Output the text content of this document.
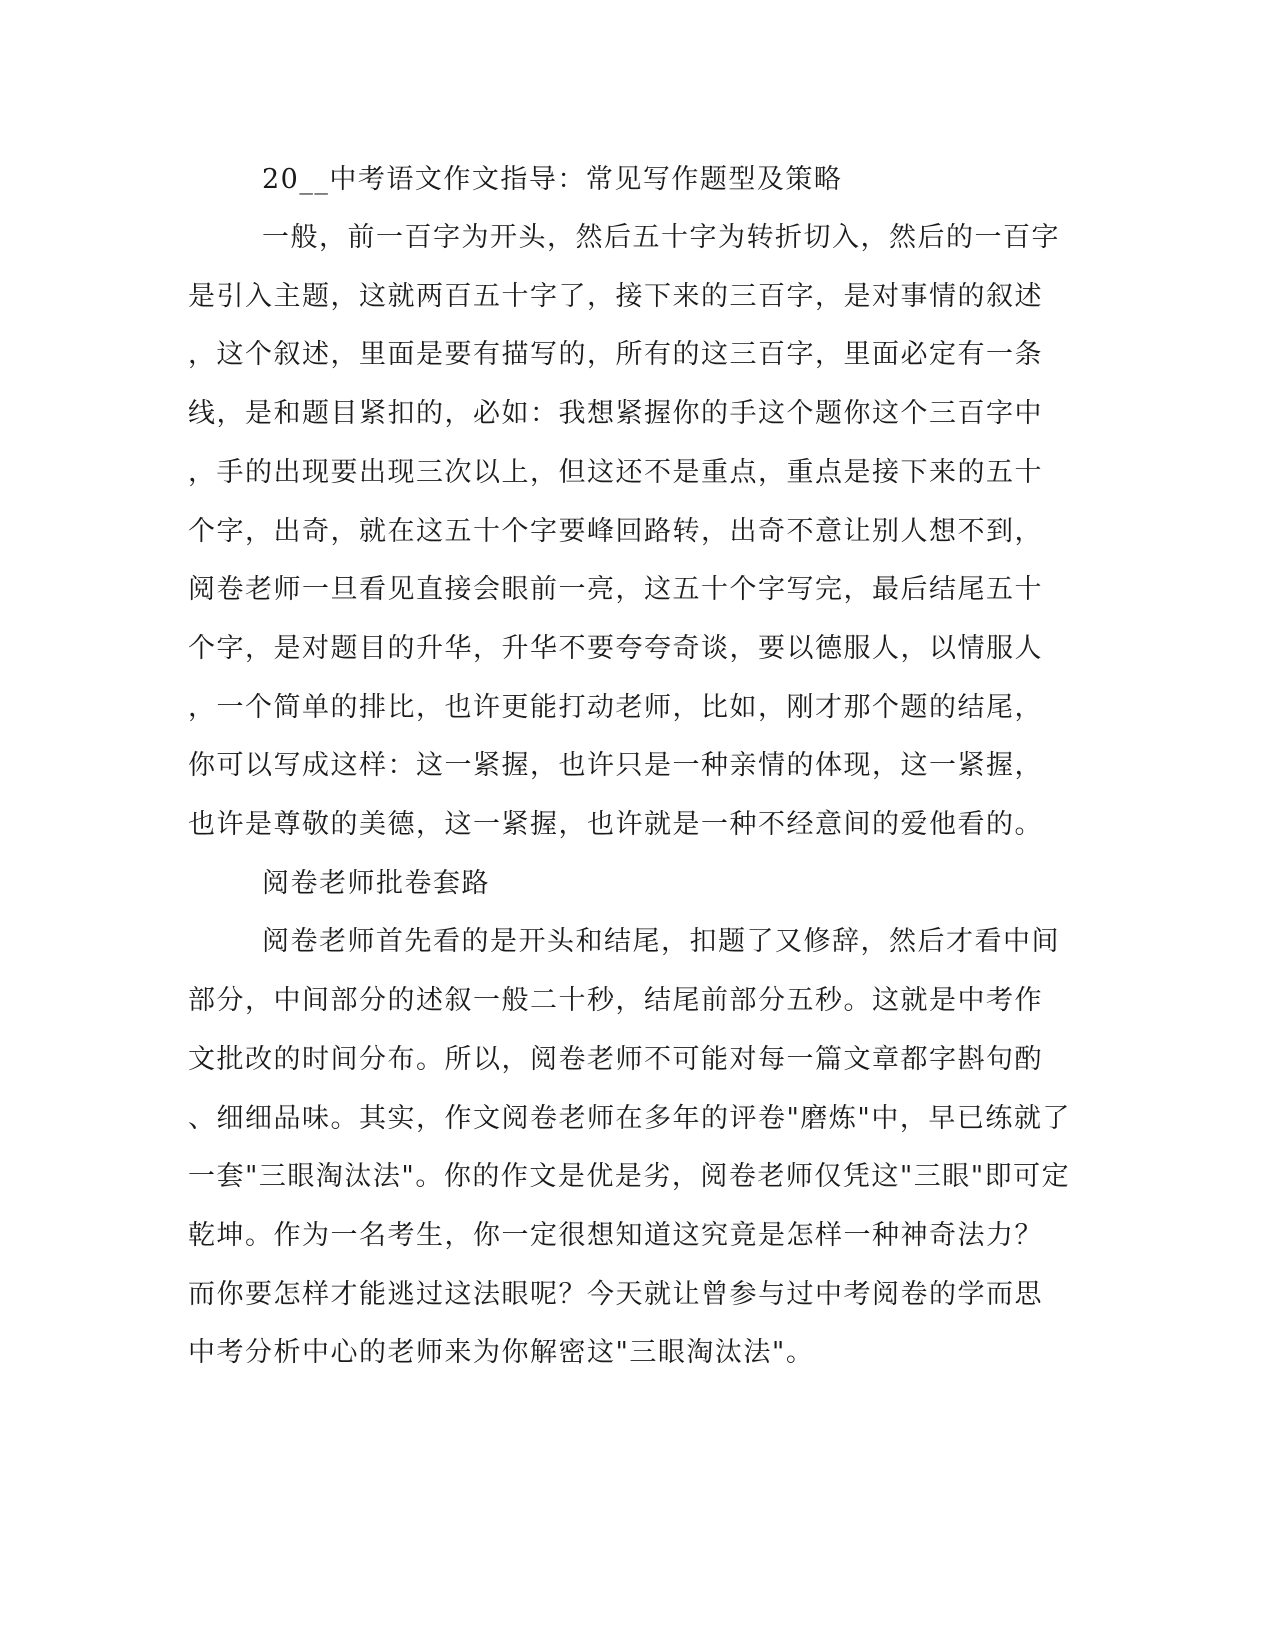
20__中考语文作文指导：常见写作题型及策略
一般，前一百字为开头，然后五十字为转折切入，然后的一百字
是引入主题，这就两百五十字了，接下来的三百字，是对事情的叙述
，这个叙述，里面是要有描写的，所有的这三百字，里面必定有一条
线，是和题目紧扣的，必如：我想紧握你的手这个题你这个三百字中
，手的出现要出现三次以上，但这还不是重点，重点是接下来的五十
个字，出奇，就在这五十个字要峰回路转，出奇不意让别人想不到，
阅卷老师一旦看见直接会眼前一亮，这五十个字写完，最后结尾五十
个字，是对题目的升华，升华不要夸夸奇谈，要以德服人，以情服人
，一个简单的排比，也许更能打动老师，比如，刚才那个题的结尾，
你可以写成这样：这一紧握，也许只是一种亲情的体现，这一紧握，
也许是尊敬的美德，这一紧握，也许就是一种不经意间的爱他看的。
阅卷老师批卷套路
阅卷老师首先看的是开头和结尾，扣题了又修辞，然后才看中间
部分，中间部分的述叙一般二十秒，结尾前部分五秒。这就是中考作
文批改的时间分布。所以，阅卷老师不可能对每一篇文章都字斟句酌
、细细品味。其实，作文阅卷老师在多年的评卷"磨炼"中，早已练就了
一套"三眼淘汰法"。你的作文是优是劣，阅卷老师仅凭这"三眼"即可定
乾坤。作为一名考生，你一定很想知道这究竟是怎样一种神奇法力？
而你要怎样才能逃过这法眼呢？今天就让曾参与过中考阅卷的学而思
中考分析中心的老师来为你解密这"三眼淘汰法"。
